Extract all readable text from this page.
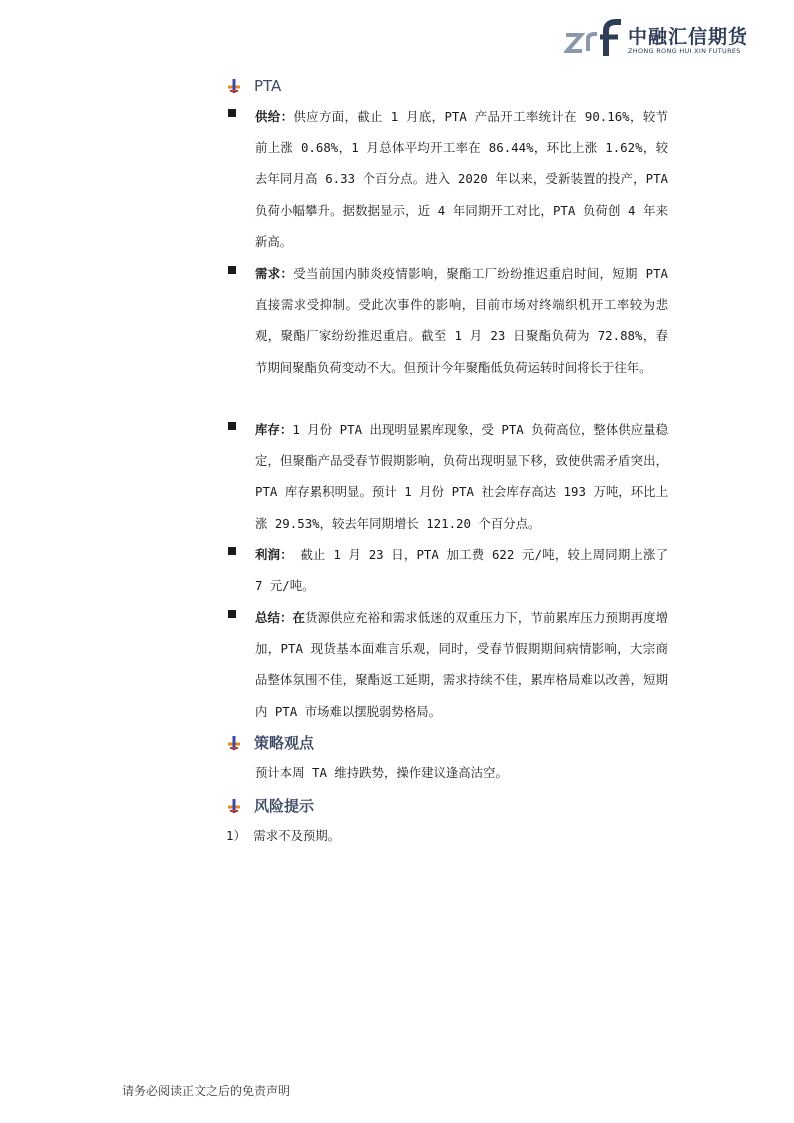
中融汇信期货
ZHONG RONG HUI XIN FUTURES
PTA
供给：供应方面，截止 1 月底，PTA 产品开工率统计在 90.16%，较节前上涨 0.68%，1 月总体平均开工率在 86.44%，环比上涨 1.62%，较去年同月高 6.33 个百分点。进入 2020 年以来，受新装置的投产，PTA 负荷小幅攀升。据数据显示，近 4 年同期开工对比，PTA 负荷创 4 年来新高。
需求：受当前国内肺炎疫情影响，聚酯工厂纷纷推迟重启时间，短期 PTA 直接需求受抑制。受此次事件的影响，目前市场对终端织机开工率较为悲观，聚酯厂家纷纷推迟重启。截至 1 月 23 日聚酯负荷为 72.88%，春节期间聚酯负荷变动不大。但预计今年聚酯低负荷运转时间将长于往年。
库存：1 月份 PTA 出现明显累库现象，受 PTA 负荷高位，整体供应量稳定，但聚酯产品受春节假期影响，负荷出现明显下移，致使供需矛盾突出，PTA 库存累积明显。预计 1 月份 PTA 社会库存高达 193 万吨，环比上涨 29.53%，较去年同期增长 121.20 个百分点。
利润： 截止 1 月 23 日，PTA 加工费 622 元/吨，较上周同期上涨了 7 元/吨。
总结：在货源供应充裕和需求低迷的双重压力下，节前累库压力预期再度增加，PTA 现货基本面难言乐观，同时，受春节假期期间病情影响，大宗商品整体氛围不佳，聚酯返工延期，需求持续不佳，累库格局难以改善，短期内 PTA 市场难以摆脱弱势格局。
策略观点
预计本周 TA 维持跌势，操作建议逢高沽空。
风险提示
1） 需求不及预期。
请务必阅读正文之后的免责声明
